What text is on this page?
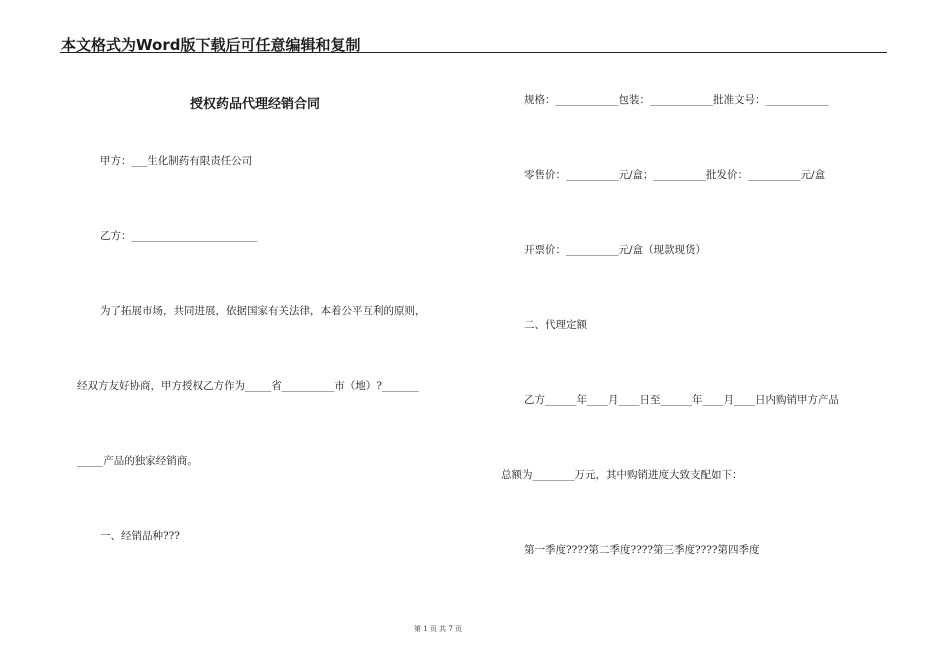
本文格式为Word版下载后可任意编辑和复制
授权药品代理经销合同
甲方：___生化制药有限责任公司
乙方：________________________
为了拓展市场，共同进展，依据国家有关法律，本着公平互利的原则，
经双方友好协商，甲方授权乙方作为_____省__________市（地）?_______
_____产品的独家经销商。
一、经销品种???
规格：____________包装：____________批准文号：____________
零售价：__________元/盒；__________批发价：__________元/盒
开票价：__________元/盒（现款现货）
二、代理定额
乙方______年____月____日至______年____月____日内购销甲方产品
总额为________万元，其中购销进度大致支配如下：
第一季度????第二季度????第三季度????第四季度
第 1 页 共 7 页
